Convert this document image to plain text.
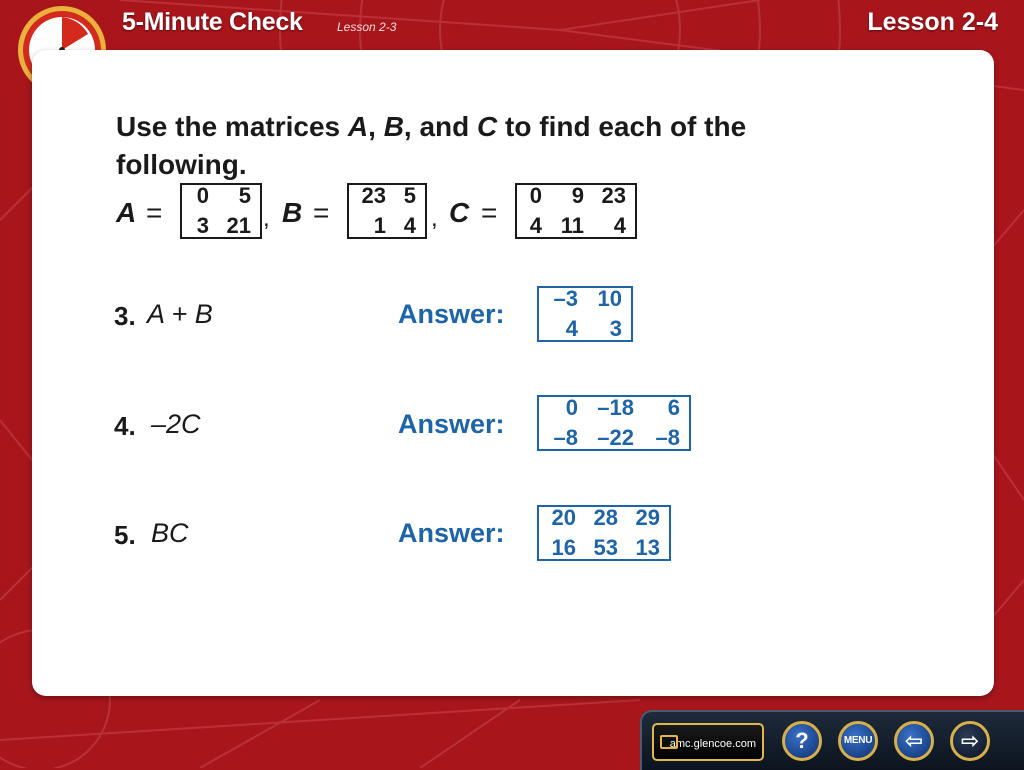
5-Minute Check	Lesson 2-3	Lesson 2-4
Use the matrices A, B, and C to find each of the
following.
A =
0	5
3 21 , B =
23 5
1 4 , C =
0	9 23
4 11	4
3. A + B	Answer:
–3 10
4	3
4. –2C	Answer:
0 –18	6
–8 –22 –8
5. BC	Answer:
20 28 29
16 53 13
amc.glencoe.com	?	MENU	⇦	⇨
